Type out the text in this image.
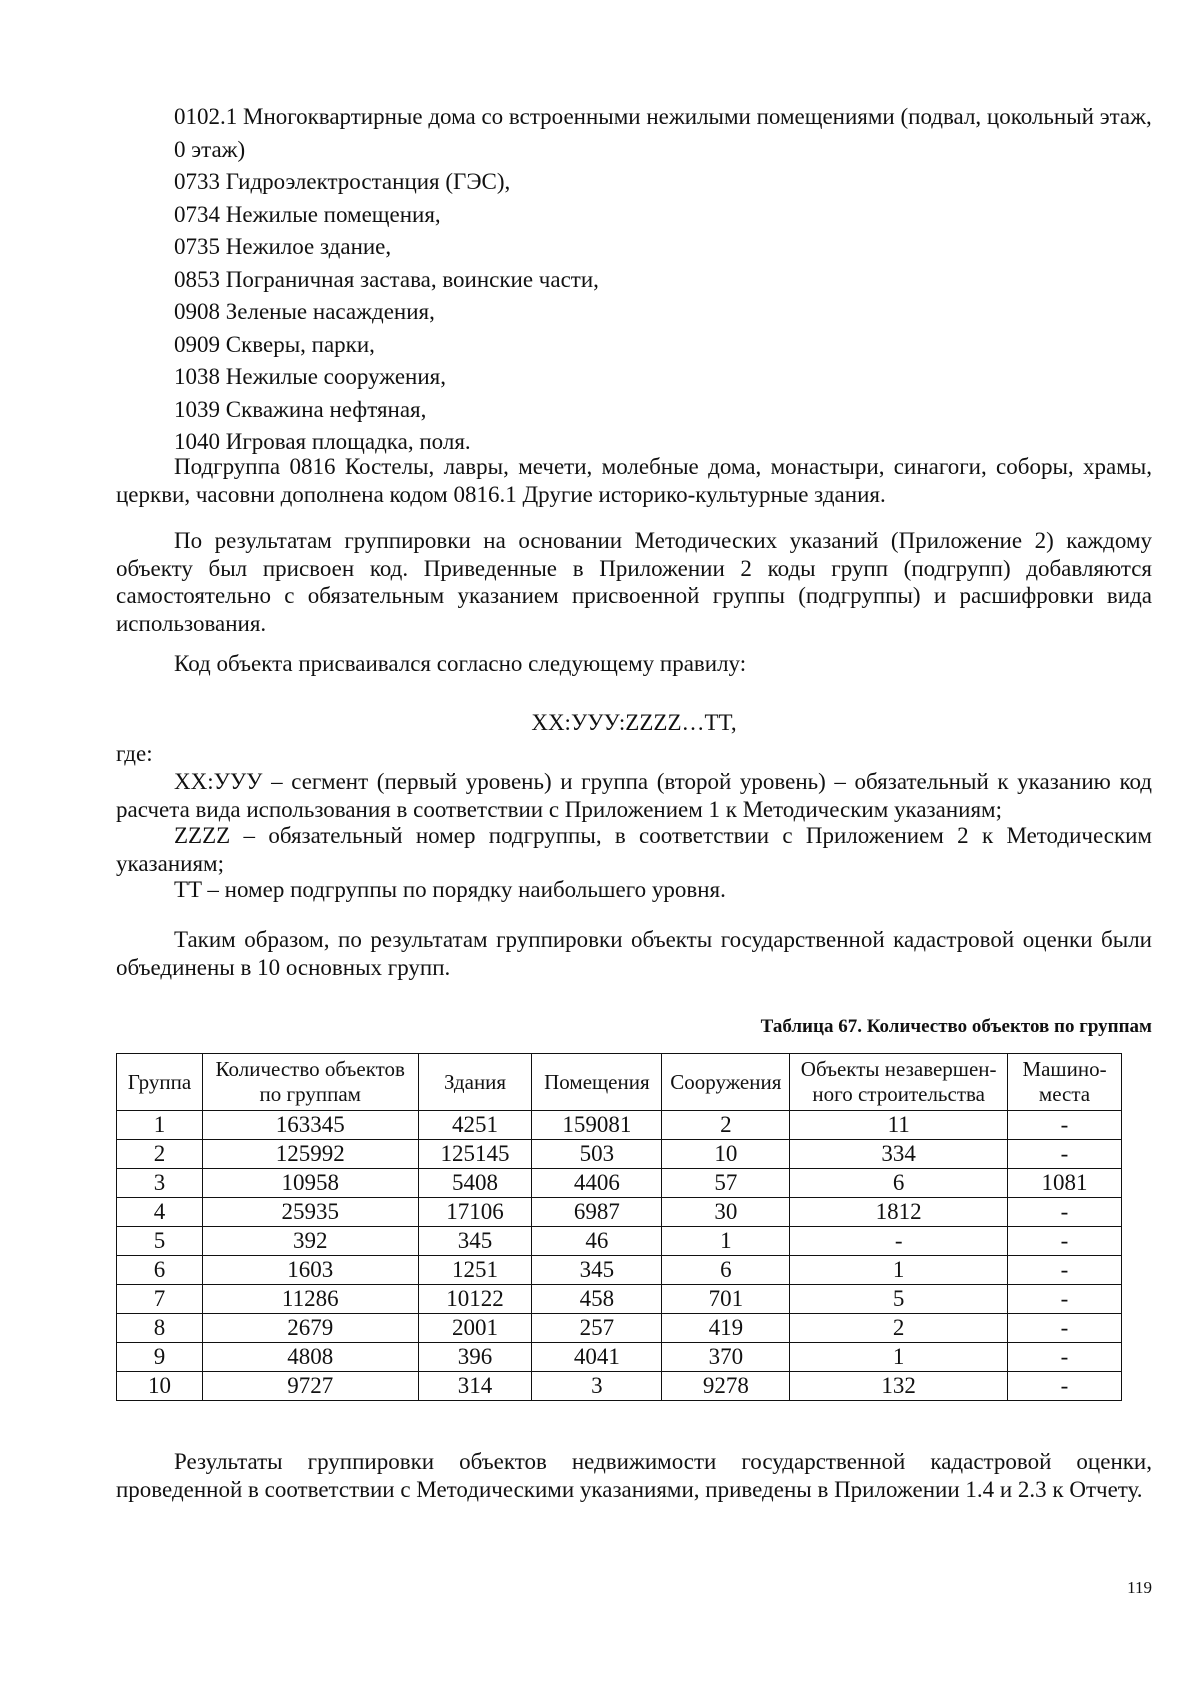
0102.1 Многоквартирные дома со встроенными нежилыми помещениями (подвал, цокольный этаж, 0 этаж)
0733 Гидроэлектростанция (ГЭС),
0734 Нежилые помещения,
0735 Нежилое здание,
0853 Пограничная застава, воинские части,
0908 Зеленые насаждения,
0909 Скверы, парки,
1038 Нежилые сооружения,
1039 Скважина нефтяная,
1040 Игровая площадка, поля.

Подгруппа 0816 Костелы, лавры, мечети, молебные дома, монастыри, синагоги, соборы, храмы, церкви, часовни дополнена кодом 0816.1 Другие историко-культурные здания.

По результатам группировки на основании Методических указаний (Приложение 2) каждому объекту был присвоен код. Приведенные в Приложении 2 коды групп (подгрупп) добавляются самостоятельно с обязательным указанием присвоенной группы (подгруппы) и расшифровки вида использования.

Код объекта присваивался согласно следующему правилу:

XX:УУУ:ZZZZ…TT,

где:

XX:УУУ – сегмент (первый уровень) и группа (второй уровень) – обязательный к указанию код расчета вида использования в соответствии с Приложением 1 к Методическим указаниям;

ZZZZ – обязательный номер подгруппы, в соответствии с Приложением 2 к Методическим указаниям;

TT – номер подгруппы по порядку наибольшего уровня.

Таким образом, по результатам группировки объекты государственной кадастровой оценки были объединены в 10 основных групп.

Таблица 67. Количество объектов по группам
Группа	Количество объектов по группам	Здания	Помещения	Сооружения	Объекты незавершен-ного строительства	Машино-места
1	163345	4251	159081	2	11	-
2	125992	125145	503	10	334	-
3	10958	5408	4406	57	6	1081
4	25935	17106	6987	30	1812	-
5	392	345	46	1	-	-
6	1603	1251	345	6	1	-
7	11286	10122	458	701	5	-
8	2679	2001	257	419	2	-
9	4808	396	4041	370	1	-
10	9727	314	3	9278	132	-

Результаты группировки объектов недвижимости государственной кадастровой оценки, проведенной в соответствии с Методическими указаниями, приведены в Приложении 1.4 и 2.3 к Отчету.

119
